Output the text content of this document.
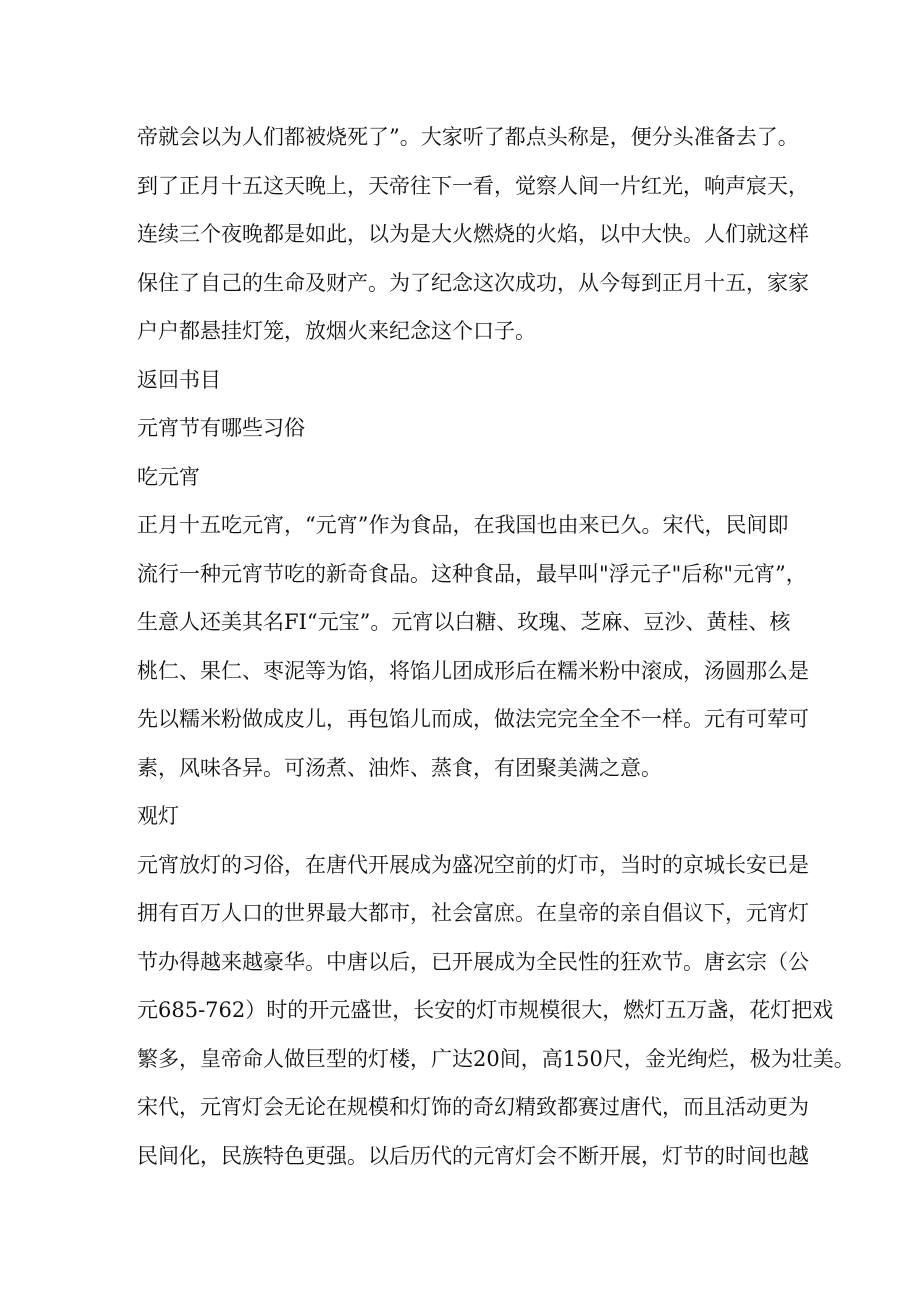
帝就会以为人们都被烧死了”。大家听了都点头称是，便分头准备去了。
到了正月十五这天晚上，天帝往下一看，觉察人间一片红光，响声宸天，
连续三个夜晚都是如此，以为是大火燃烧的火焰，以中大快。人们就这样
保住了自己的生命及财产。为了纪念这次成功，从今每到正月十五，家家
户户都悬挂灯笼，放烟火来纪念这个口子。
返回书目
元宵节有哪些习俗
吃元宵
正月十五吃元宵，“元宵”作为食品，在我国也由来已久。宋代，民间即
流行一种元宵节吃的新奇食品。这种食品，最早叫"浮元子"后称"元宵”，
生意人还美其名FI“元宝”。元宵以白糖、玫瑰、芝麻、豆沙、黄桂、核
桃仁、果仁、枣泥等为馅，将馅儿团成形后在糯米粉中滚成，汤圆那么是
先以糯米粉做成皮儿，再包馅儿而成，做法完完全全不一样。元有可荤可
素，风味各异。可汤煮、油炸、蒸食，有团聚美满之意。
观灯
元宵放灯的习俗，在唐代开展成为盛况空前的灯市，当时的京城长安已是
拥有百万人口的世界最大都市，社会富庶。在皇帝的亲自倡议下，元宵灯
节办得越来越豪华。中唐以后，已开展成为全民性的狂欢节。唐玄宗（公
元685-762）时的开元盛世，长安的灯市规模很大，燃灯五万盏，花灯把戏
繁多，皇帝命人做巨型的灯楼，广达20间，高150尺，金光绚烂，极为壮美。
宋代，元宵灯会无论在规模和灯饰的奇幻精致都赛过唐代，而且活动更为
民间化，民族特色更强。以后历代的元宵灯会不断开展，灯节的时间也越
